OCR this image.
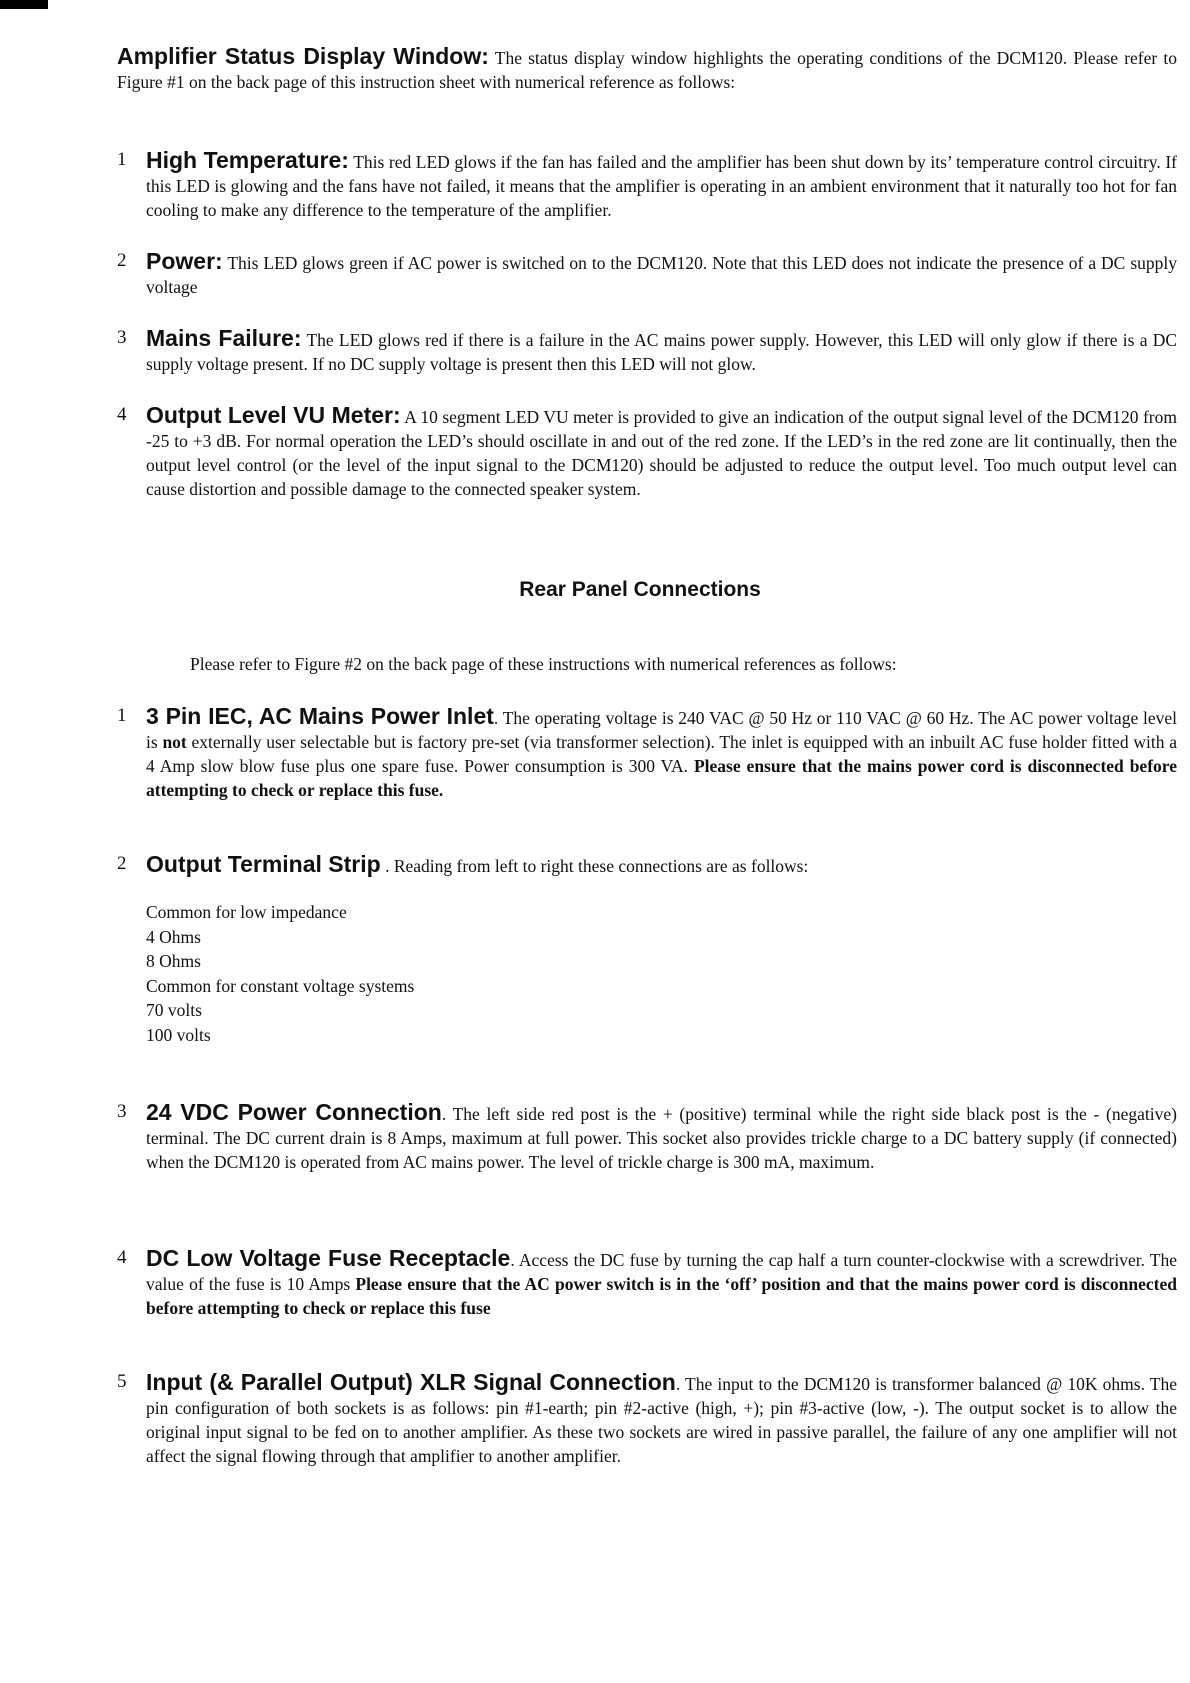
Amplifier Status Display Window: The status display window highlights the operating conditions of the DCM120. Please refer to Figure #1 on the back page of this instruction sheet with numerical reference as follows:
1 High Temperature: This red LED glows if the fan has failed and the amplifier has been shut down by its’ temperature control circuitry. If this LED is glowing and the fans have not failed, it means that the amplifier is operating in an ambient environment that it naturally too hot for fan cooling to make any difference to the temperature of the amplifier.
2 Power: This LED glows green if AC power is switched on to the DCM120. Note that this LED does not indicate the presence of a DC supply voltage
3 Mains Failure: The LED glows red if there is a failure in the AC mains power supply. However, this LED will only glow if there is a DC supply voltage present. If no DC supply voltage is present then this LED will not glow.
4 Output Level VU Meter: A 10 segment LED VU meter is provided to give an indication of the output signal level of the DCM120 from -25 to +3 dB. For normal operation the LED’s should oscillate in and out of the red zone. If the LED’s in the red zone are lit continually, then the output level control (or the level of the input signal to the DCM120) should be adjusted to reduce the output level. Too much output level can cause distortion and possible damage to the connected speaker system.
Rear Panel Connections
Please refer to Figure #2 on the back page of these instructions with numerical references as follows:
1 3 Pin IEC, AC Mains Power Inlet. The operating voltage is 240 VAC @ 50 Hz or 110 VAC @ 60 Hz. The AC power voltage level is not externally user selectable but is factory pre-set (via transformer selection). The inlet is equipped with an inbuilt AC fuse holder fitted with a 4 Amp slow blow fuse plus one spare fuse. Power consumption is 300 VA. Please ensure that the mains power cord is disconnected before attempting to check or replace this fuse.
2 Output Terminal Strip . Reading from left to right these connections are as follows:
Common for low impedance
4 Ohms
8 Ohms
Common for constant voltage systems
70 volts
100 volts
3 24 VDC Power Connection. The left side red post is the + (positive) terminal while the right side black post is the - (negative) terminal. The DC current drain is 8 Amps, maximum at full power. This socket also provides trickle charge to a DC battery supply (if connected) when the DCM120 is operated from AC mains power. The level of trickle charge is 300 mA, maximum.
4 DC Low Voltage Fuse Receptacle. Access the DC fuse by turning the cap half a turn counter-clockwise with a screwdriver. The value of the fuse is 10 Amps Please ensure that the AC power switch is in the ‘off’ position and that the mains power cord is disconnected before attempting to check or replace this fuse
5 Input (& Parallel Output) XLR Signal Connection. The input to the DCM120 is transformer balanced @ 10K ohms. The pin configuration of both sockets is as follows: pin #1-earth; pin #2-active (high, +); pin #3-active (low, -). The output socket is to allow the original input signal to be fed on to another amplifier. As these two sockets are wired in passive parallel, the failure of any one amplifier will not affect the signal flowing through that amplifier to another amplifier.
